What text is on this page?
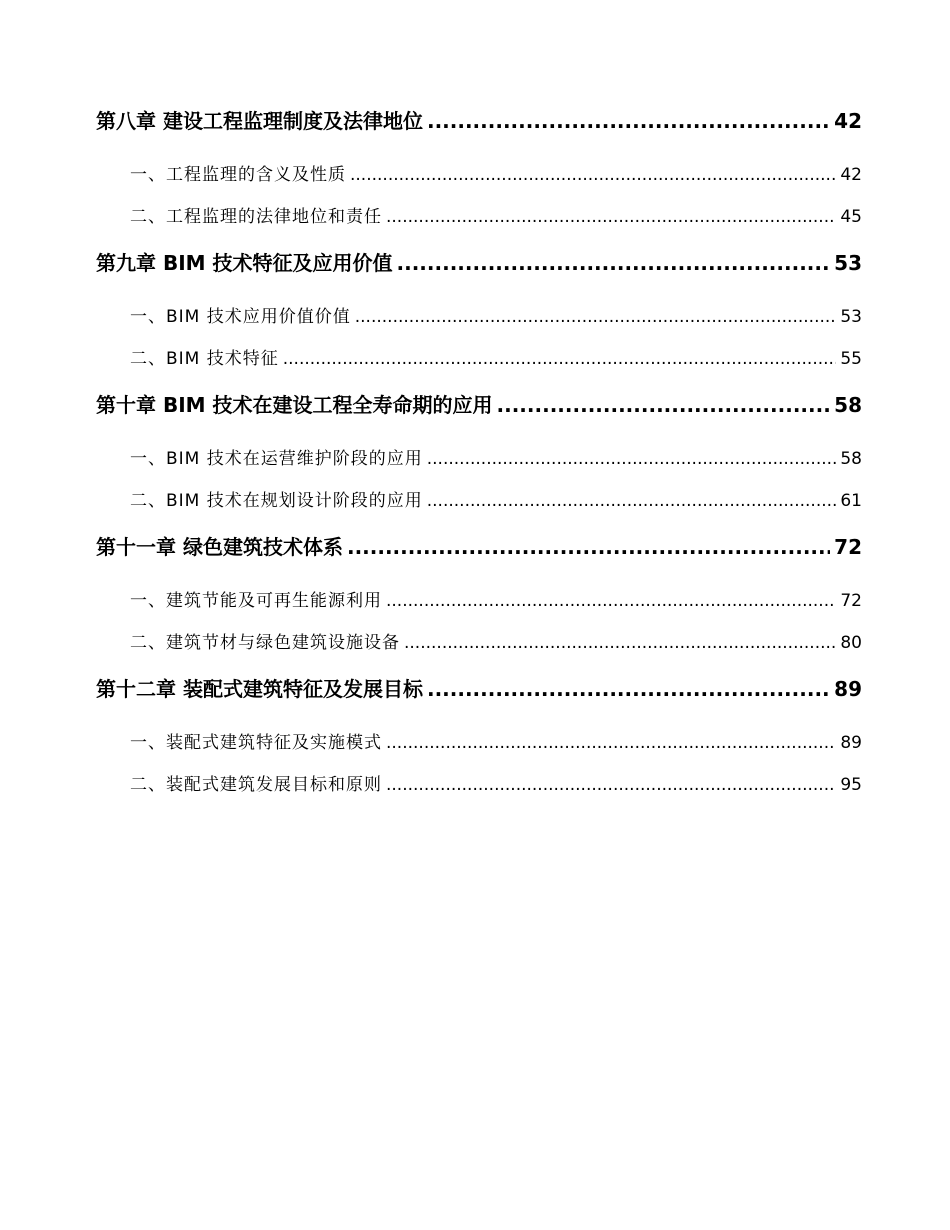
第八章 建设工程监理制度及法律地位 .....	42
一、 工程监理的含义及性质 .....	42
二、 工程监理的法律地位和责任 .....	45
第九章 BIM 技术特征及应用价值 .....	53
一、 BIM 技术应用价值价值 .....	53
二、 BIM 技术特征 .....	55
第十章 BIM 技术在建设工程全寿命期的应用 .....	58
一、 BIM 技术在运营维护阶段的应用 .....	58
二、 BIM 技术在规划设计阶段的应用 .....	61
第十一章 绿色建筑技术体系 .....	72
一、 建筑节能及可再生能源利用 .....	72
二、 建筑节材与绿色建筑设施设备 .....	80
第十二章 装配式建筑特征及发展目标 .....	89
一、 装配式建筑特征及实施模式 .....	89
二、 装配式建筑发展目标和原则 .....	95
